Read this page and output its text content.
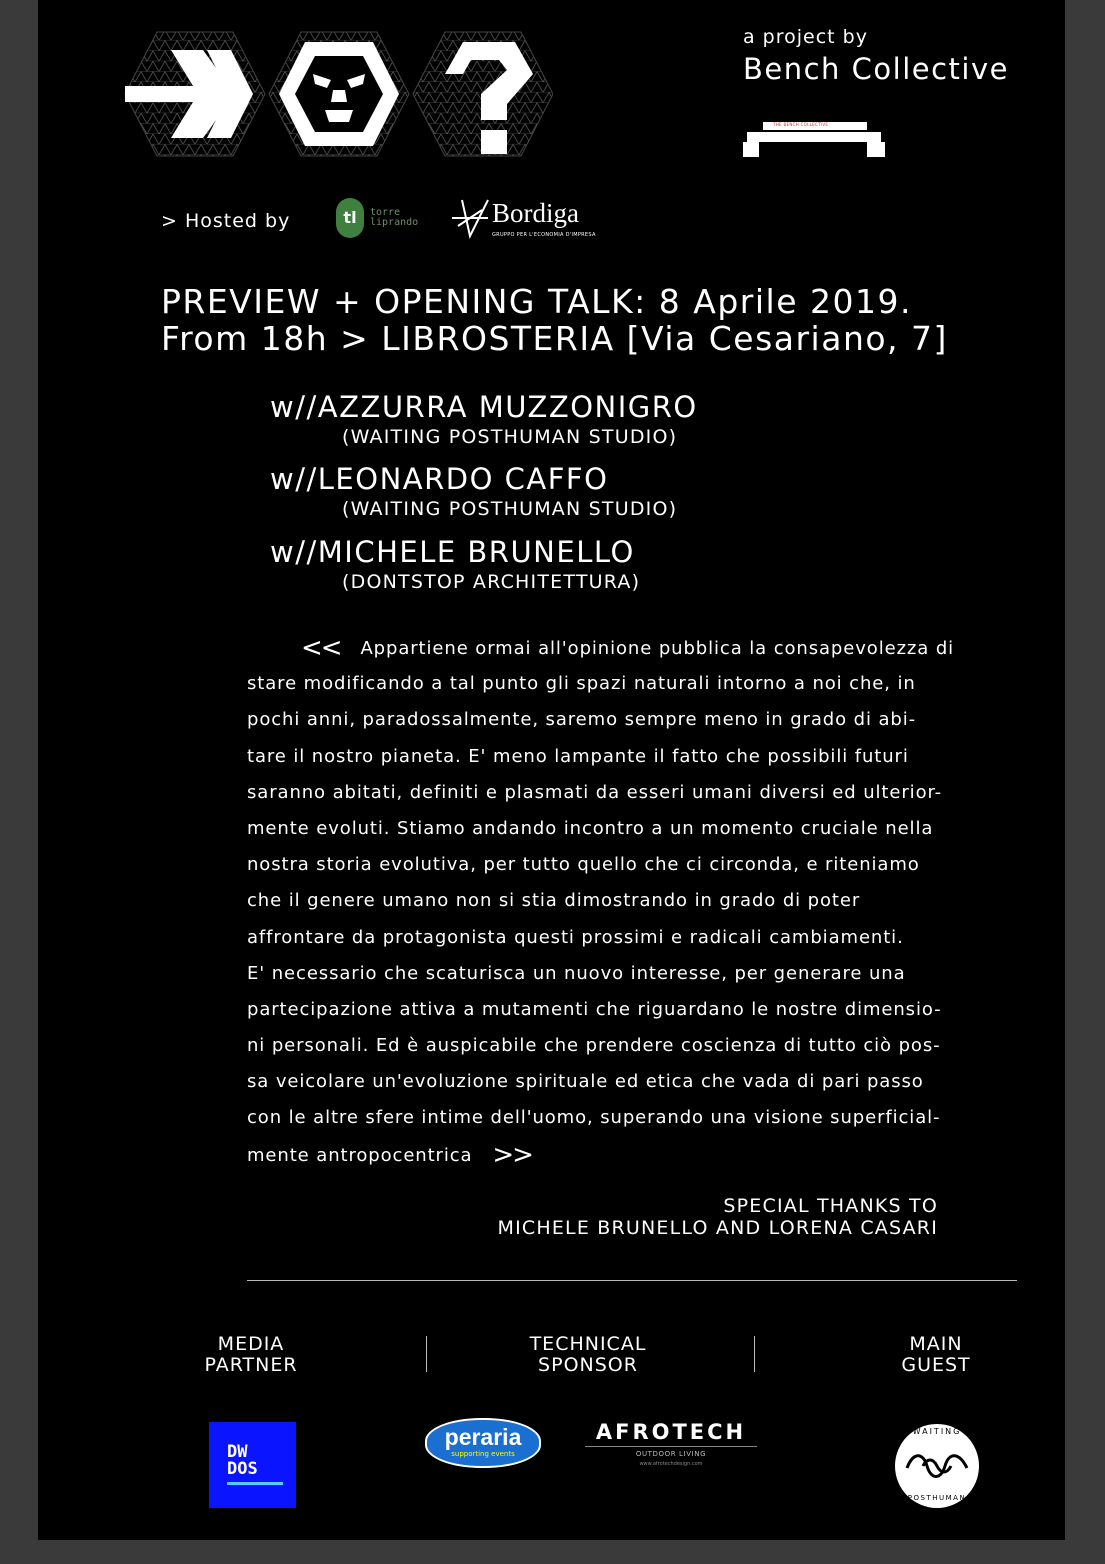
a project by
Bench Collective
THE BENCH COLLECTIVE
> Hosted by	tl	torre
liprando	Bordiga
GRUPPO PER L'ECONOMIA D'IMPRESA
PREVIEW + OPENING TALK: 8 Aprile 2019.
From 18h > LIBROSTERIA [Via Cesariano, 7]
w//AZZURRA MUZZONIGRO
(WAITING POSTHUMAN STUDIO)
w//LEONARDO CAFFO
(WAITING POSTHUMAN STUDIO)
w//MICHELE BRUNELLO
(DONTSTOP ARCHITETTURA)
<< Appartiene ormai all'opinione pubblica la consapevolezza di
stare modificando a tal punto gli spazi naturali intorno a noi che, in
pochi anni, paradossalmente, saremo sempre meno in grado di abi-
tare il nostro pianeta. E' meno lampante il fatto che possibili futuri
saranno abitati, definiti e plasmati da esseri umani diversi ed ulterior-
mente evoluti. Stiamo andando incontro a un momento cruciale nella
nostra storia evolutiva, per tutto quello che ci circonda, e riteniamo
che il genere umano non si stia dimostrando in grado di poter
affrontare da protagonista questi prossimi e radicali cambiamenti.
E' necessario che scaturisca un nuovo interesse, per generare una
partecipazione attiva a mutamenti che riguardano le nostre dimensio-
ni personali. Ed è auspicabile che prendere coscienza di tutto ciò pos-
sa veicolare un'evoluzione spirituale ed etica che vada di pari passo
con le altre sfere intime dell'uomo, superando una visione superficial-
mente antropocentrica >>
SPECIAL THANKS TO
MICHELE BRUNELLO AND LORENA CASARI
MEDIA
PARTNER
TECHNICAL
SPONSOR
MAIN
GUEST
DW
DOS
peraria
supporting events
AFROTECH
OUTDOOR LIVING
www.afrotechdesign.com
WAITING
POSTHUMAN
